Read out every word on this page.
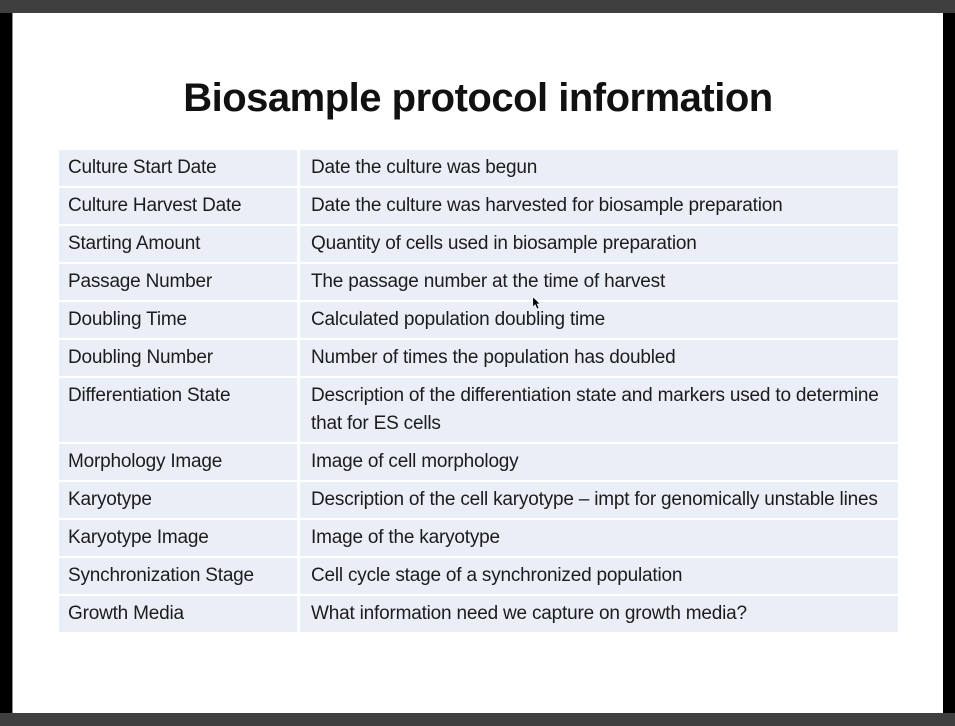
Biosample protocol information
Culture Start Date	Date the culture was begun
Culture Harvest Date	Date the culture was harvested for biosample preparation
Starting Amount	Quantity of cells used in biosample preparation
Passage Number	The passage number at the time of harvest
Doubling Time	Calculated population doubling time
Doubling Number	Number of times the population has doubled
Differentiation State	Description of the differentiation state and markers used to determine that for ES cells
Morphology Image	Image of cell morphology
Karyotype	Description of the cell karyotype – impt for genomically unstable lines
Karyotype Image	Image of the karyotype
Synchronization Stage	Cell cycle stage of a synchronized population
Growth Media	What information need we capture on growth media?
